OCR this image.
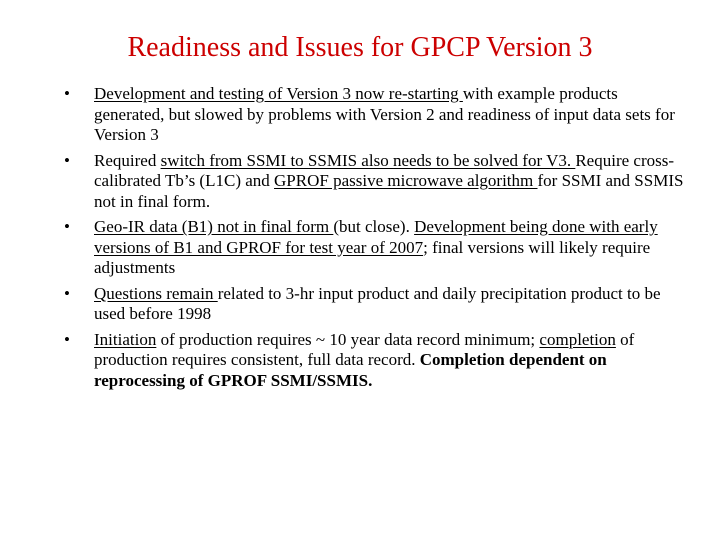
Readiness and Issues for GPCP Version 3
•	Development and testing of Version 3 now re-starting with example products generated, but slowed by problems with Version 2 and readiness of input data sets for Version 3
•	Required switch from SSMI to SSMIS also needs to be solved for V3. Require cross-calibrated Tb’s (L1C) and GPROF passive microwave algorithm for SSMI and SSMIS not in final form.
•	Geo-IR data (B1) not in final form (but close). Development being done with early versions of B1 and GPROF for test year of 2007; final versions will likely require adjustments
•	Questions remain related to 3-hr input product and daily precipitation product to be used before 1998
•	Initiation of production requires ~ 10 year data record minimum; completion of production requires consistent, full data record. Completion dependent on reprocessing of GPROF SSMI/SSMIS.
